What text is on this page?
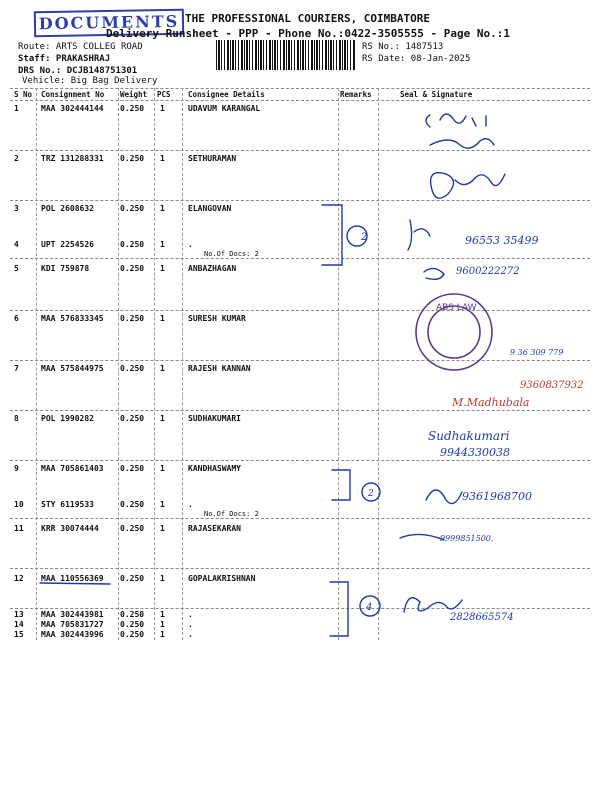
DOCUMENTS THE PROFESSIONAL COURIERS, COIMBATORE
Delivery Runsheet - PPP - Phone No.:0422-3505555 - Page No.:1
Route: ARTS COLLEG ROAD
Staff: PRAKASHRAJ
DRS No.: DCJB148751301
Vehicle: Big Bag Delivery
RS No.: 1487513
RS Date: 08-Jan-2025
S No Consignment No Weight PCS Consignee Details	Remarks	Seal & Signature
1	MAA 302444144 0.250 1	UDAVUM KARANGAL
2	TRZ 131288331 0.250 1	SETHURAMAN
3	POL 2608632	0.250 1	ELANGOVAN
4	UPT 2254526	0.250 1	.
No.Of Docs: 2
5	KDI 759878	0.250 1	ANBAZHAGAN
6	MAA 576833345 0.250 1	SURESH KUMAR
7	MAA 575844975 0.250 1	RAJESH KANNAN
8	POL 1990282	0.250 1	SUDHAKUMARI
9	MAA 705861403 0.250 1	KANDHASWAMY
10 STY 6119533	0.250 1	.
No.Of Docs: 2
11 KRR 30074444	0.250 1	RAJASEKARAN
12 MAA 110556369 0.250 1	GOPALAKRISHNAN
13 MAA 302443981 0.250 1	.
14 MAA 705831727 0.250 1	.
15 MAA 302443996 0.250 1	.
ABS LAW
96553 35499
9600222272
9 36 309 779
Sudhakumari
9944330038
9361968700
9999851500.
2828665574
2
2
4
9360837932
M.Madhubala
